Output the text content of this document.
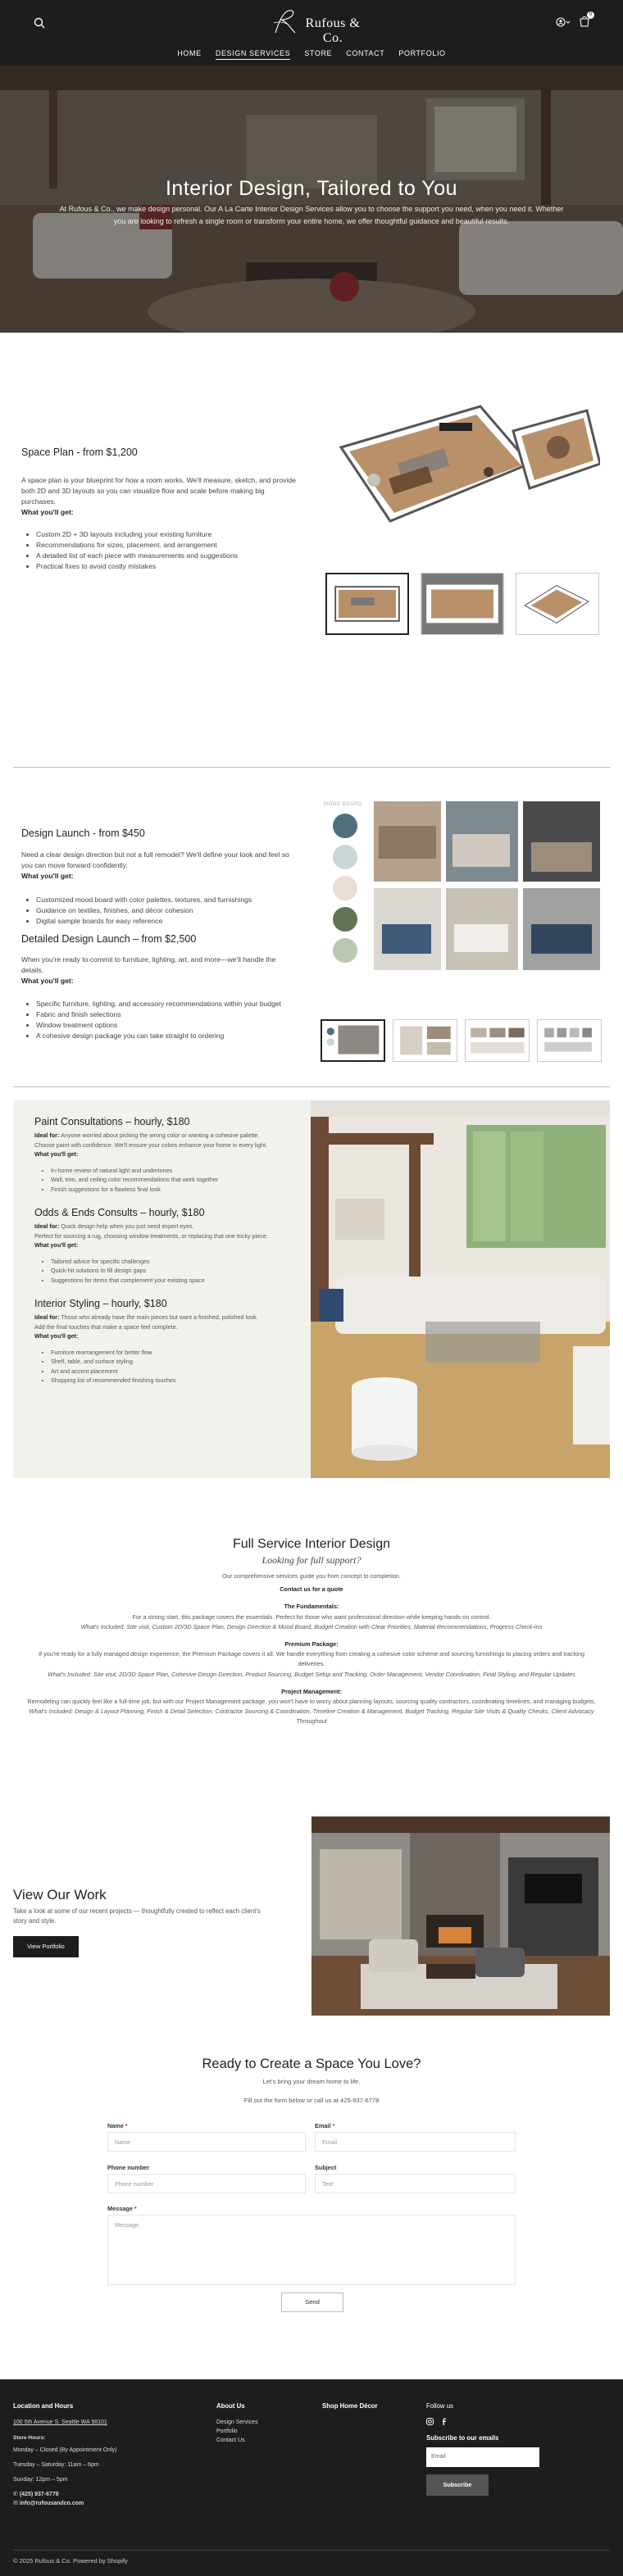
Rufous & Co.
0
HOME DESIGN SERVICES STORE CONTACT PORTFOLIO
Interior Design, Tailored to You

At Rufous & Co., we make design personal. Our A La Carte Interior Design Services allow you to choose the support you need, when you need it. Whether you are looking to refresh a single room or transform your entire home, we offer thoughtful guidance and beautiful results.

Space Plan - from $1,200
A space plan is your blueprint for how a room works. We'll measure, sketch, and provide both 2D and 3D layouts so you can visualize flow and scale before making big purchases.
What you'll get:
• Custom 2D + 3D layouts including your existing furniture
• Recommendations for sizes, placement, and arrangement
• A detailed list of each piece with measurements and suggestions
• Practical fixes to avoid costly mistakes
Design Launch - from $450
Need a clear design direction but not a full remodel? We'll define your look and feel so you can move forward confidently.
What you'll get:
• Customized mood board with color palettes, textures, and furnishings
• Guidance on textiles, finishes, and décor cohesion
• Digital sample boards for easy reference
Detailed Design Launch – from $2,500
When you're ready to commit to furniture, lighting, art, and more—we'll handle the details.
What you'll get:
• Specific furniture, lighting, and accessory recommendations within your budget
• Fabric and finish selections
• Window treatment options
• A cohesive design package you can take straight to ordering
MOOD BOARD
Paint Consultations – hourly, $180
Ideal for: Anyone worried about picking the wrong color or wanting a cohesive palette.
Choose paint with confidence. We'll ensure your colors enhance your home in every light.
What you'll get:
• In-home review of natural light and undertones
• Wall, trim, and ceiling color recommendations that work together
• Finish suggestions for a flawless final look
Odds & Ends Consults – hourly, $180
Ideal for: Quick design help when you just need expert eyes.
Perfect for sourcing a rug, choosing window treatments, or replacing that one tricky piece.
What you'll get:
• Tailored advice for specific challenges
• Quick-hit solutions to fill design gaps
• Suggestions for items that complement your existing space
Interior Styling – hourly, $180
Ideal for: Those who already have the main pieces but want a finished, polished look.
Add the final touches that make a space feel complete.
What you'll get:
• Furniture rearrangement for better flow
• Shelf, table, and surface styling
• Art and accent placement
• Shopping list of recommended finishing touches
Full Service Interior Design
Looking for full support?
Our comprehensive services guide you from concept to completion.
Contact us for a quote
The Fundamentals:
For a strong start, this package covers the essentials. Perfect for those who want professional direction while keeping hands-on control.
What's Included: Site visit, Custom 2D/3D Space Plan, Design Direction & Mood Board, Budget Creation with Clear Priorities, Material Recommendations, Progress Check-ins
Premium Package:
If you're ready for a fully managed design experience, the Premium Package covers it all. We handle everything from creating a cohesive color scheme and sourcing furnishings to placing orders and tracking deliveries.
What's Included: Site visit, 2D/3D Space Plan, Cohesive Design Direction, Product Sourcing, Budget Setup and Tracking, Order Management, Vendor Coordination, Final Styling, and Regular Updates
Project Management:
Remodeling can quickly feel like a full-time job, but with our Project Management package, you won't have to worry about planning layouts, sourcing quality contractors, coordinating timelines, and managing budgets.
What's Included: Design & Layout Planning, Finish & Detail Selection, Contractor Sourcing & Coordination, Timeline Creation & Management, Budget Tracking, Regular Site Visits & Quality Checks, Client Advocacy Throughout
View Our Work
Take a look at some of our recent projects — thoughtfully created to reflect each client's story and style.
View Portfolio
Ready to Create a Space You Love?
Let's bring your dream home to life.
Fill out the form below or call us at 425-937-6778
Name *
Name
Email *
Email
Phone number
Phone number
Subject
Text
Message *
Message
Send
Location and Hours
100 5th Avenue S. Seattle WA 98101
Store Hours:
Monday – Closed (By Appointment Only)
Tuesday – Saturday: 11am – 6pm
Sunday: 12pm – 5pm
✆ (425) 937-6778
✉ info@rufousandco.com
About Us
Design Services
Portfolio
Contact Us
Shop Home Décor	Follow us
Subscribe to our emails
Email
Subscribe
© 2025 Rufous & Co. Powered by Shopify
